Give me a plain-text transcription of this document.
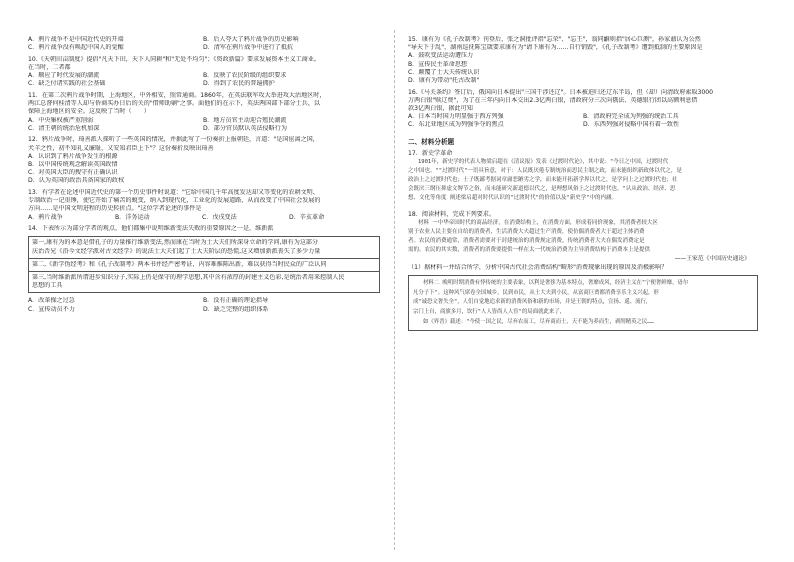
A．鸦片战争不是中国近代史的开端	B．后人夸大了鸦片战争的历史影响
C．鸦片战争没有唤起中国人的觉醒	D．清军在鸦片战争中进行了抵抗
10.《天朝田亩制度》提倡"凡天下田，天下人同耕"和"无处不均匀"；《资政新篇》要求发展资本主义工商业。
在当时，二者都
A．顺应了时代发展的潮流	B．反映了农民阶级的组织要求
C．缺乏付诸实践的社会基础	D．得到了农民的普遍拥护
11．在第二次鸦片战争时期，上海地区，中外相安，照常通商。1860年，在英法联军攻大举进攻大沽地区时，
两江总督何桂清等人却与侨商买办日后的关的"借师助剿"之事。面他们的在示下，英法两国部下部分士兵，以
保障上海地区的安全。这反映了当时（　　）
A．中央集权被严重削弱	B．地方员官主动迎合殖民潮流
C．清王朝的统治危机加深	D．部分官员默认英法侵略行为
12．鸦片战争时，琦善派人探听了一些英国的情况，并据此写了一份奏折上报朝廷，言道："是国宦离之国，
犬羊之性，初不知礼义廉耻，又安知君臣上下"？这份奏折反映出琦善
A．认识到了鸦片战争发生的根源
B．以中国传统观念解读英国政情
C．对英国大臣的搜守有正确认识
D．认为英国的政治具备国家的政权
13．有学者在论述中国近代史的第一个历史事件时说道："它给中国几千年高度发达却又等变化的农耕文明、
专制政治一记重锤，使它开始了痛苦的蜕变，纳入到现代化，工业化的发展道路，从而改变了中国社会发展的
方向……是中国文明进程的历史转折点。"这位学者论述的事件是
A．鸦片战争	B．洋务运动	C．戊戌变法	D．辛亥革命
14．下表所示为部分学者的观点，他们都集中说明维新变法失败的重要原因之一是，维新派
第一,康有为的本意是借孔子的力量推行维新变法,然而康在当时为士大夫们所深身立命的学问,康有为这部分
庆治否兄《沿今文经学派对古文经学》的说法士大夫们起了士大夫阶层的恐慌,这又增加新派丧失了多少力量

第二,《新学伪经考》和《孔子改制考》两本书并经严密考证，内容难推陈出新，难以获得当时民众的广泛认同

第三,当时维新派所谓进步知识分子,实际上仍是保守的理学思想,其中含有浓厚的封建主义色彩,是统治者用来控制人民
思想的工具
A．改革操之过急	B．没有正确的理论指导
C．宣传动员不力	D．缺乏完整的组织体系
15．康有为《孔子改制考》刊登后，张之洞批评指"忘荣"、"忘王"，翁同龢则指"居心巨测"，孙家鼐认为公然
"导天下于乱"，湖南巡抚陈宝箴要求康有为"请下康有为……自行销毁"，《孔子改制考》遭到抵制的主要原因是
A．鼓吹变法运动遭压力
B．宣传民主革命思想
C．颠覆了士大夫传统认识
D．康有为带动"托古改制"
16.《马关条约》签订后，俄国向日本提出"三国干涉还辽"。日本被迫归还辽东半岛，但（却）向清政府索取3000
万两白银"赎辽费"，为了在三年内向日本交出2.3亿两白银，清政府分三次向俄法、英德银行团以高额利息借
款3亿两白银，据此可知
A．日本当时国力明显强于西方列强	B．清政府完全成为列强的统治工具
C．东北亚地区成为列强争夺的焦点	D．东西列强对侵略中国有着一致性
二、材料分析题
17．新史学革命
1901年，新史学的代表人物梁启超在《清议报》发表《过渡时代论》，其中说："今日之中国，过渡时代
之中国也。""过渡时代"一语具旨意，对于：人民既厌倦专制统治而思民主制之政，而未能组织新政体以代之，是
政治上之过渡时代也；士子既鄙考据词章庸恶陋劣之学，而未能开拓新学界以代之，是学问上之过渡时代也；社
会既厌三纲压抑虚文缛节之俗，而未能研究新道德以代之，是理想风俗上之过渡时代也。"认从政治、经济、思
想、文化等角度 阐述梁启超对时代认识的"过渡时代"的价值以及"新史学"中的内涵。
18．阅读材料，完成下列要求。
材料 一中华帝国时代的商品经济，在消费结构上，在消费方面，形成着同价现象，其消费者较大区
别于农业人民主要在自给的消费者，生活消费大夫超过生产消费，使仿偶消费者大于超过主体消费
者。农民的消费通常，消费者需要对于封建统治的消费规定消费，传统消费者大夫在偶发消费定是
需的。农民的其实数，消费者的消费要提供一样在太一代统治消费为主导消费结构于消费本上是提供
——王家范《中国历史通论》
（1）据材料一并结合所学，分析中国古代社会消费结构"畸形"消费现象出现的原因及消极影响？
材料二 晚明时期消费有悖传统的主要表象，以利是奢侈为基本特点，奢靡成风，经济主义在"宁便奢鲜靡，毋尔
凡分子下"。这种风气席卷全国城乡，民到市民，从士大夫到小民，从富商巨贾都消费享乐主义兴起，形
成"诚恐文奢失全"，人们自觉地追求新的消费风俗和新的市场，并是王朝的特点，宣扬、遥、流行，
宗门上自，商旗多月，饮行"人人皆尚人人宦"的局面就此来了，
如《界晋》载述："今使一国之民，尽弃农而工，尽弃商而士，天不能为养而生，剥削精英之民……
